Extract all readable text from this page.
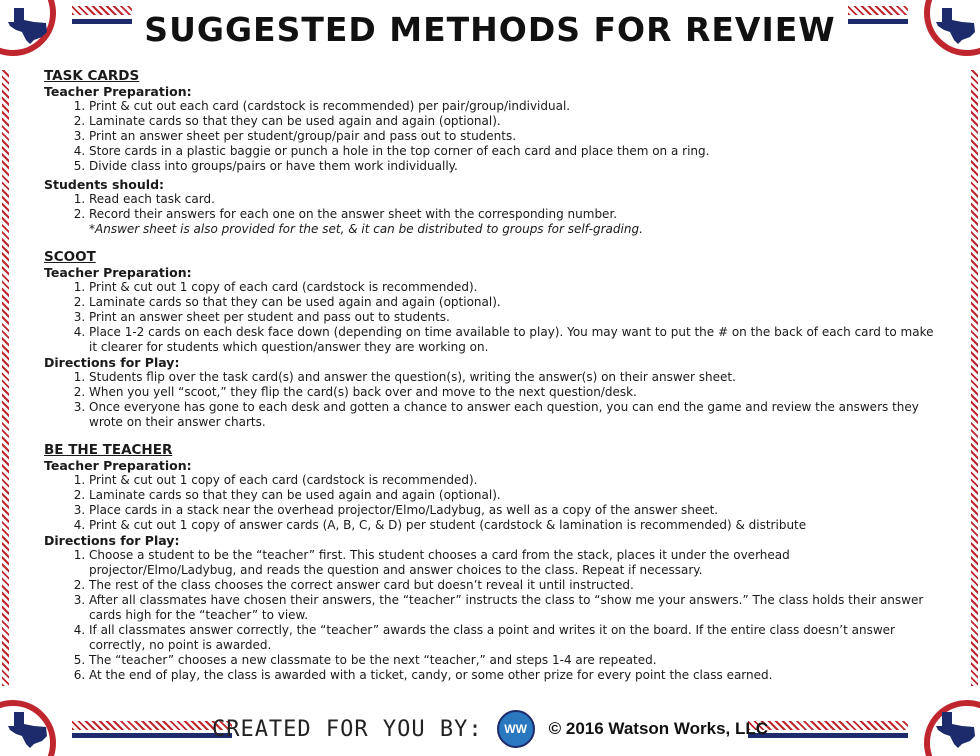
SUGGESTED METHODS FOR REVIEW

TASK CARDS

Teacher Preparation:

1. Print & cut out each card (cardstock is recommended) per pair/group/individual.
2. Laminate cards so that they can be used again and again (optional).
3. Print an answer sheet per student/group/pair and pass out to students.
4. Store cards in a plastic baggie or punch a hole in the top corner of each card and place them on a ring.
5. Divide class into groups/pairs or have them work individually.

Students should:

1. Read each task card.
2. Record their answers for each one on the answer sheet with the corresponding number.

*Answer sheet is also provided for the set, & it can be distributed to groups for self-grading.

SCOOT

Teacher Preparation:

1. Print & cut out 1 copy of each card (cardstock is recommended).
2. Laminate cards so that they can be used again and again (optional).
3. Print an answer sheet per student and pass out to students.
4. Place 1-2 cards on each desk face down (depending on time available to play). You may want to put the # on the back of each card to make it clearer for students which question/answer they are working on.

Directions for Play:

1. Students flip over the task card(s) and answer the question(s), writing the answer(s) on their answer sheet.
2. When you yell “scoot,” they flip the card(s) back over and move to the next question/desk.
3. Once everyone has gone to each desk and gotten a chance to answer each question, you can end the game and review the answers they wrote on their answer charts.

BE THE TEACHER

Teacher Preparation:

1. Print & cut out 1 copy of each card (cardstock is recommended).
2. Laminate cards so that they can be used again and again (optional).
3. Place cards in a stack near the overhead projector/Elmo/Ladybug, as well as a copy of the answer sheet.
4. Print & cut out 1 copy of answer cards (A, B, C, & D) per student (cardstock & lamination is recommended) & distribute

Directions for Play:

1. Choose a student to be the “teacher” first. This student chooses a card from the stack, places it under the overhead projector/Elmo/Ladybug, and reads the question and answer choices to the class. Repeat if necessary.
2. The rest of the class chooses the correct answer card but doesn’t reveal it until instructed.
3. After all classmates have chosen their answers, the “teacher” instructs the class to “show me your answers.” The class holds their answer cards high for the “teacher” to view.
4. If all classmates answer correctly, the “teacher” awards the class a point and writes it on the board. If the entire class doesn’t answer correctly, no point is awarded.
5. The “teacher” chooses a new classmate to be the next “teacher,” and steps 1-4 are repeated.
6. At the end of play, the class is awarded with a ticket, candy, or some other prize for every point the class earned.
CREATED FOR YOU BY: WW © 2016 Watson Works, LLC
